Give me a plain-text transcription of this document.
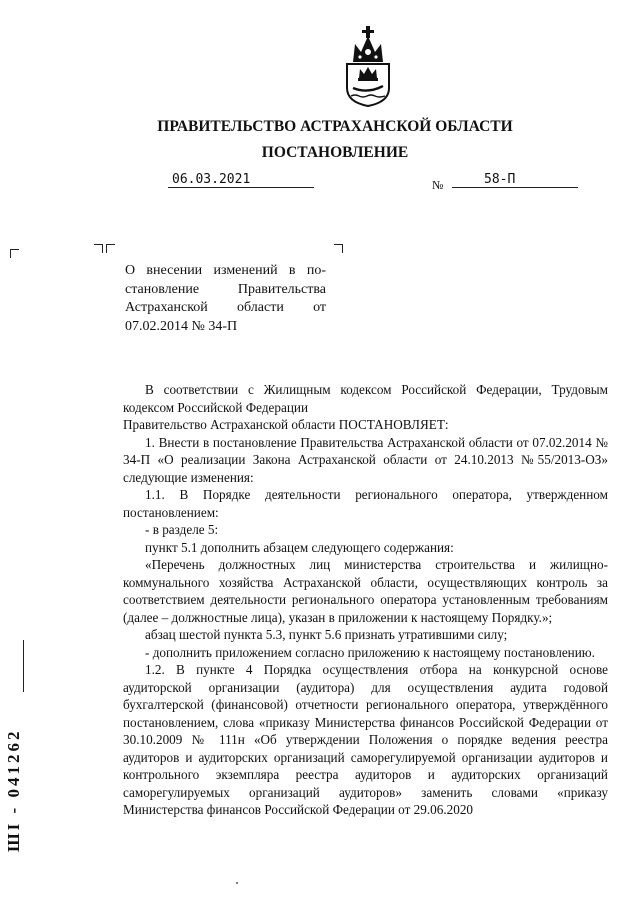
ПРАВИТЕЛЬСТВО АСТРАХАНСКОЙ ОБЛАСТИ
ПОСТАНОВЛЕНИЕ
06.03.2021	№	58-П
О внесении изменений в по-
становление Правительства
Астраханской области от
07.02.2014 № 34-П

В соответствии с Жилищным кодексом Российской Федерации, Трудовым кодексом Российской Федерации

Правительство Астраханской области ПОСТАНОВЛЯЕТ:

1. Внести в постановление Правительства Астраханской области от 07.02.2014 № 34-П «О реализации Закона Астраханской области от 24.10.2013 №55/2013-ОЗ» следующие изменения:

1.1. В Порядке деятельности регионального оператора, утвержденном постановлением:

- в разделе 5:

пункт 5.1 дополнить абзацем следующего содержания:

«Перечень должностных лиц министерства строительства и жилищно-коммунального хозяйства Астраханской области, осуществляющих контроль за соответствием деятельности регионального оператора установленным требованиям (далее – должностные лица), указан в приложении к настоящему Порядку.»;

абзац шестой пункта 5.3, пункт 5.6 признать утратившими силу;

- дополнить приложением согласно приложению к настоящему постановлению.

1.2. В пункте 4 Порядка осуществления отбора на конкурсной основе аудиторской организации (аудитора) для осуществления аудита годовой бухгалтерской (финансовой) отчетности регионального оператора, утверждённого постановлением, слова «приказу Министерства финансов Российской Федерации от 30.10.2009 № 111н «Об утверждении Положения о порядке ведения реестра аудиторов и аудиторских организаций саморегулируемой организации аудиторов и контрольного экземпляра реестра аудиторов и аудиторских организаций саморегулируемых организаций аудиторов» заменить словами «приказу Министерства финансов Российской Федерации от 29.06.2020

ШI - 041262
